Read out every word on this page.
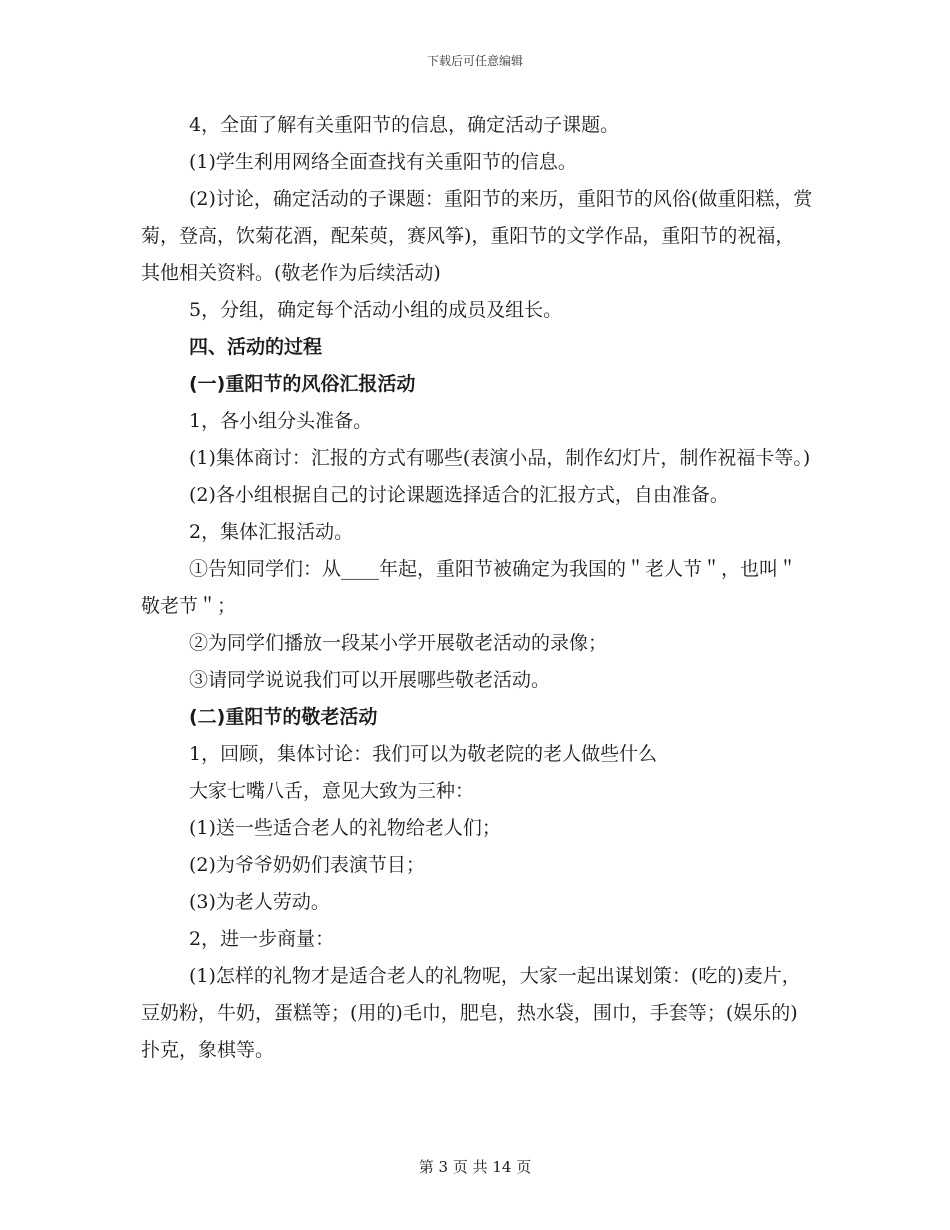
下载后可任意编辑

4，全面了解有关重阳节的信息，确定活动子课题。

(1)学生利用网络全面查找有关重阳节的信息。

(2)讨论，确定活动的子课题：重阳节的来历，重阳节的风俗(做重阳糕，赏菊，登高，饮菊花酒，配茱萸，赛风筝)，重阳节的文学作品，重阳节的祝福，其他相关资料。(敬老作为后续活动)

5，分组，确定每个活动小组的成员及组长。

四、活动的过程

(一)重阳节的风俗汇报活动

1，各小组分头准备。

(1)集体商讨：汇报的方式有哪些(表演小品，制作幻灯片，制作祝福卡等。)

(2)各小组根据自己的讨论课题选择适合的汇报方式，自由准备。

2，集体汇报活动。

①告知同学们：从____年起，重阳节被确定为我国的＂老人节＂，也叫＂敬老节＂；

②为同学们播放一段某小学开展敬老活动的录像；

③请同学说说我们可以开展哪些敬老活动。

(二)重阳节的敬老活动

1，回顾，集体讨论：我们可以为敬老院的老人做些什么

大家七嘴八舌，意见大致为三种：

(1)送一些适合老人的礼物给老人们；

(2)为爷爷奶奶们表演节目；

(3)为老人劳动。

2，进一步商量：

(1)怎样的礼物才是适合老人的礼物呢，大家一起出谋划策：(吃的)麦片，豆奶粉，牛奶，蛋糕等；(用的)毛巾，肥皂，热水袋，围巾，手套等；(娱乐的)扑克，象棋等。

第 3 页 共 14 页
